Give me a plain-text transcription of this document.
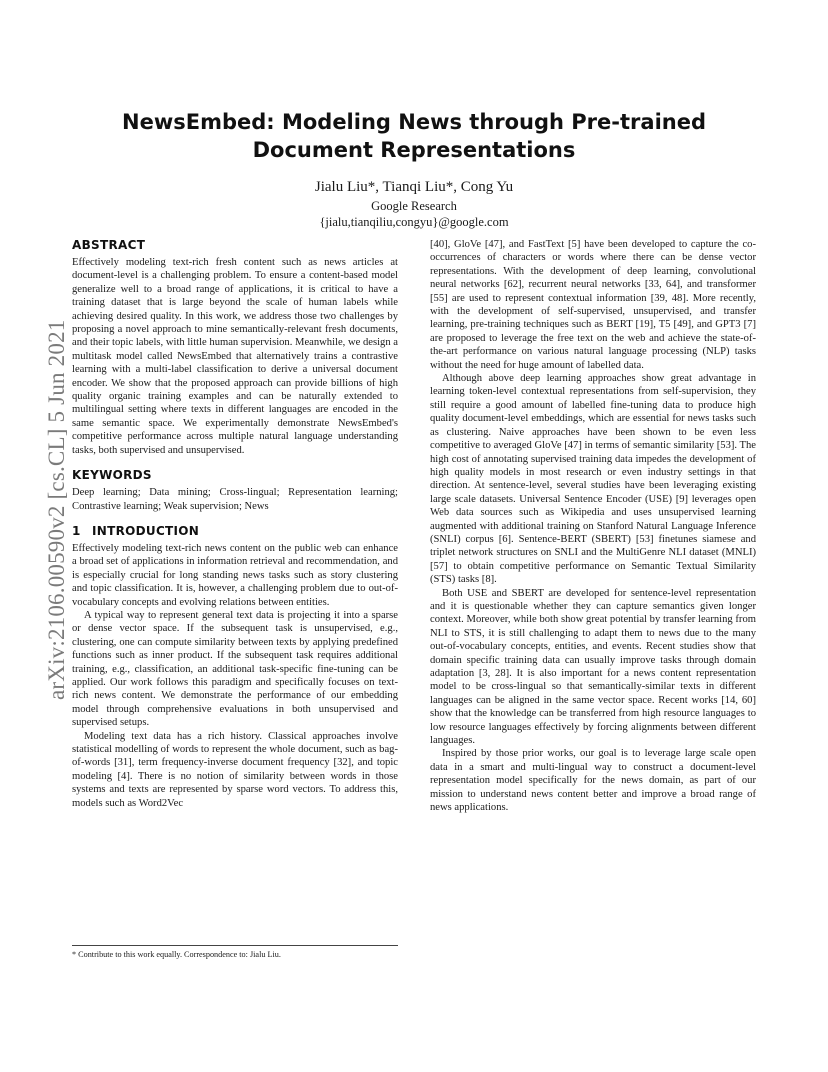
NewsEmbed: Modeling News through Pre-trained Document Representations
Jialu Liu*, Tianqi Liu*, Cong Yu
Google Research
{jialu,tianqiliu,congyu}@google.com
arXiv:2106.00590v2 [cs.CL] 5 Jun 2021
ABSTRACT

Effectively modeling text-rich fresh content such as news articles at document-level is a challenging problem. To ensure a content-based model generalize well to a broad range of applications, it is critical to have a training dataset that is large beyond the scale of human labels while achieving desired quality. In this work, we address those two challenges by proposing a novel approach to mine semantically-relevant fresh documents, and their topic labels, with little human supervision. Meanwhile, we design a multitask model called NewsEmbed that alternatively trains a contrastive learning with a multi-label classification to derive a universal document encoder. We show that the proposed approach can provide billions of high quality organic training examples and can be naturally extended to multilingual setting where texts in different languages are encoded in the same semantic space. We experimentally demonstrate NewsEmbed's competitive performance across multiple natural language understanding tasks, both supervised and unsupervised.

KEYWORDS

Deep learning; Data mining; Cross-lingual; Representation learning; Contrastive learning; Weak supervision; News

1 INTRODUCTION

Effectively modeling text-rich news content on the public web can enhance a broad set of applications in information retrieval and recommendation, and is especially crucial for long standing news tasks such as story clustering and topic classification. It is, however, a challenging problem due to out-of-vocabulary concepts and evolving relations between entities.

A typical way to represent general text data is projecting it into a sparse or dense vector space. If the subsequent task is unsupervised, e.g., clustering, one can compute similarity between texts by applying predefined functions such as inner product. If the subsequent task requires additional training, e.g., classification, an additional task-specific fine-tuning can be applied. Our work follows this paradigm and specifically focuses on text-rich news content. We demonstrate the performance of our embedding model through comprehensive evaluations in both unsupervised and supervised setups.

Modeling text data has a rich history. Classical approaches involve statistical modelling of words to represent the whole document, such as bag-of-words [31], term frequency-inverse document frequency [32], and topic modeling [4]. There is no notion of similarity between words in those systems and texts are represented by sparse word vectors. To address this, models such as Word2Vec

[40], GloVe [47], and FastText [5] have been developed to capture the co-occurrences of characters or words where there can be dense vector representations. With the development of deep learning, convolutional neural networks [62], recurrent neural networks [33, 64], and transformer [55] are used to represent contextual information [39, 48]. More recently, with the development of self-supervised, unsupervised, and transfer learning, pre-training techniques such as BERT [19], T5 [49], and GPT3 [7] are proposed to leverage the free text on the web and achieve the state-of-the-art performance on various natural language processing (NLP) tasks without the need for huge amount of labelled data.

Although above deep learning approaches show great advantage in learning token-level contextual representations from self-supervision, they still require a good amount of labelled fine-tuning data to produce high quality document-level embeddings, which are essential for news tasks such as clustering. Naive approaches have been shown to be even less competitive to averaged GloVe [47] in terms of semantic similarity [53]. The high cost of annotating supervised training data impedes the development of high quality models in most research or even industry settings in that direction. At sentence-level, several studies have been leveraging existing large scale datasets. Universal Sentence Encoder (USE) [9] leverages open Web data sources such as Wikipedia and uses unsupervised learning augmented with additional training on Stanford Natural Language Inference (SNLI) corpus [6]. Sentence-BERT (SBERT) [53] finetunes siamese and triplet network structures on SNLI and the MultiGenre NLI dataset (MNLI) [57] to obtain competitive performance on Semantic Textual Similarity (STS) tasks [8].

Both USE and SBERT are developed for sentence-level representation and it is questionable whether they can capture semantics given longer context. Moreover, while both show great potential by transfer learning from NLI to STS, it is still challenging to adapt them to news due to the many out-of-vocabulary concepts, entities, and events. Recent studies show that domain specific training data can usually improve tasks through domain adaptation [3, 28]. It is also important for a news content representation model to be cross-lingual so that semantically-similar texts in different languages can be aligned in the same vector space. Recent works [14, 60] show that the knowledge can be transferred from high resource languages to low resource languages effectively by forcing alignments between different languages.

Inspired by those prior works, our goal is to leverage large scale open data in a smart and multi-lingual way to construct a document-level representation model specifically for the news domain, as part of our mission to understand news content better and improve a broad range of news applications.

* Contribute to this work equally. Correspondence to: Jialu Liu.
